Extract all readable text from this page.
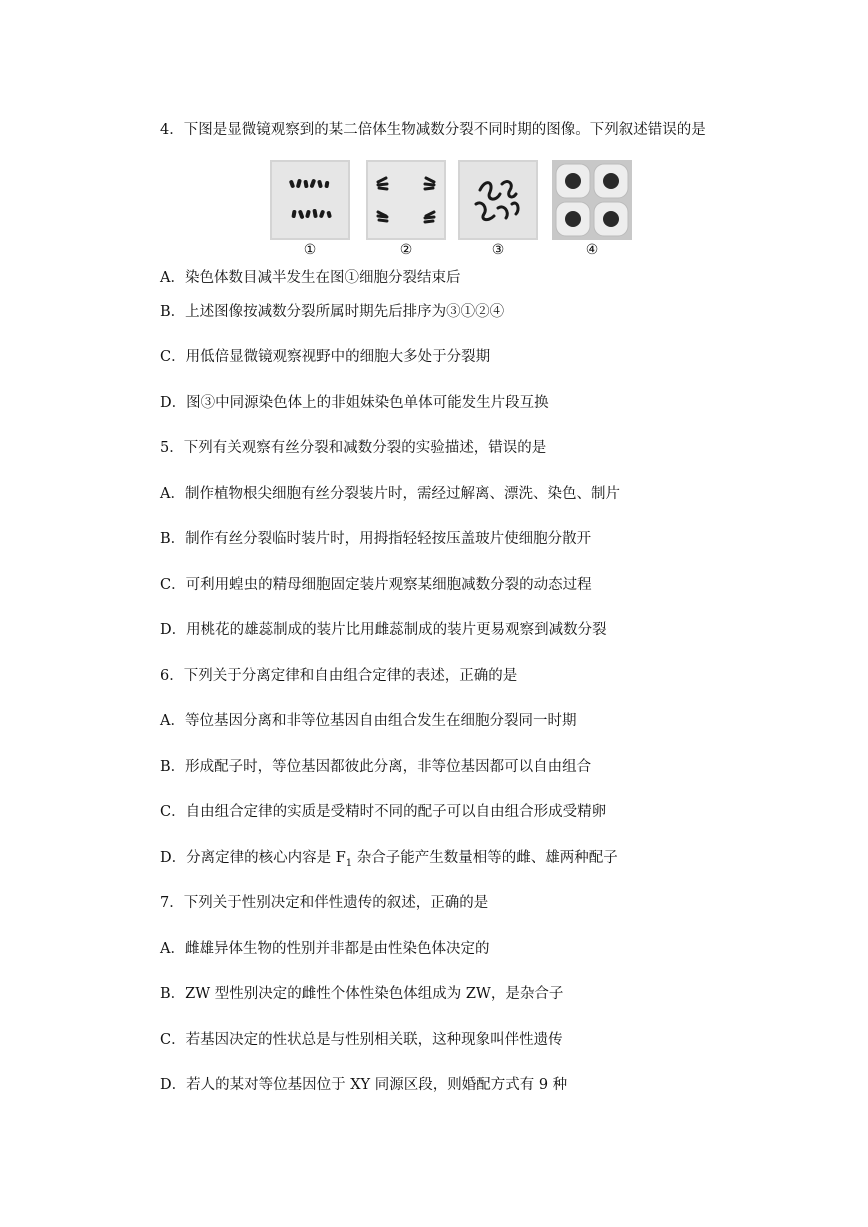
4．下图是显微镜观察到的某二倍体生物减数分裂不同时期的图像。下列叙述错误的是
①	②	③	④
A．染色体数目减半发生在图①细胞分裂结束后
B．上述图像按减数分裂所属时期先后排序为③①②④
C．用低倍显微镜观察视野中的细胞大多处于分裂期
D．图③中同源染色体上的非姐妹染色单体可能发生片段互换
5．下列有关观察有丝分裂和减数分裂的实验描述，错误的是
A．制作植物根尖细胞有丝分裂装片时，需经过解离、漂洗、染色、制片
B．制作有丝分裂临时装片时，用拇指轻轻按压盖玻片使细胞分散开
C．可利用蝗虫的精母细胞固定装片观察某细胞减数分裂的动态过程
D．用桃花的雄蕊制成的装片比用雌蕊制成的装片更易观察到减数分裂
6．下列关于分离定律和自由组合定律的表述，正确的是
A．等位基因分离和非等位基因自由组合发生在细胞分裂同一时期
B．形成配子时，等位基因都彼此分离，非等位基因都可以自由组合
C．自由组合定律的实质是受精时不同的配子可以自由组合形成受精卵
D．分离定律的核心内容是 $F_1$ 杂合子能产生数量相等的雌、雄两种配子
7．下列关于性别决定和伴性遗传的叙述，正确的是
A．雌雄异体生物的性别并非都是由性染色体决定的
B．ZW 型性别决定的雌性个体性染色体组成为 ZW，是杂合子
C．若基因决定的性状总是与性别相关联，这种现象叫伴性遗传
D．若人的某对等位基因位于 XY 同源区段，则婚配方式有 9 种
